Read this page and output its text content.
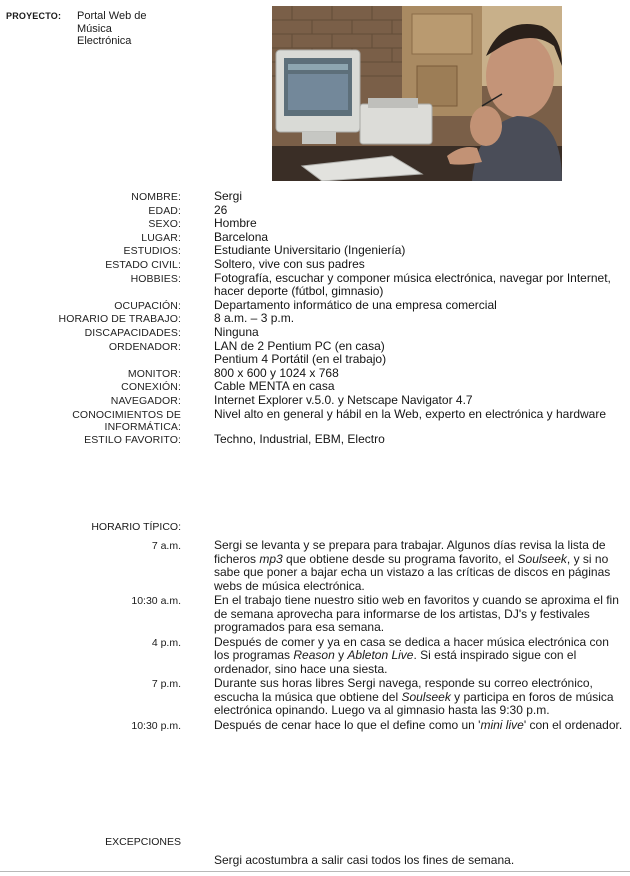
PROYECTO: Portal Web de
Música
Electrónica
NOMBRE:	Sergi
EDAD:	26
SEXO:	Hombre
LUGAR:	Barcelona
ESTUDIOS:	Estudiante Universitario (Ingeniería)
ESTADO CIVIL:	Soltero, vive con sus padres
HOBBIES:	Fotografía, escuchar y componer música electrónica, navegar por Internet, hacer deporte (fútbol, gimnasio)
OCUPACIÓN:	Departamento informático de una empresa comercial
HORARIO DE TRABAJO:	8 a.m. – 3 p.m.
DISCAPACIDADES:	Ninguna
ORDENADOR:	LAN de 2 Pentium PC (en casa)
Pentium 4 Portátil (en el trabajo)
MONITOR:	800 x 600 y 1024 x 768
CONEXIÓN:	Cable MENTA en casa
NAVEGADOR:	Internet Explorer v.5.0. y Netscape Navigator 4.7
CONOCIMIENTOS DE INFORMÁTICA:
Nivel alto en general y hábil en la Web, experto en electrónica y hardware
ESTILO FAVORITO:	Techno, Industrial, EBM, Electro
HORARIO TÍPICO:
7 a.m.	Sergi se levanta y se prepara para trabajar. Algunos días revisa la lista de ficheros mp3 que obtiene desde su programa favorito, el Soulseek, y si no sabe que poner a bajar echa un vistazo a las críticas de discos en páginas webs de música electrónica.
10:30 a.m.	En el trabajo tiene nuestro sitio web en favoritos y cuando se aproxima el fin de semana aprovecha para informarse de los artistas, DJ's y festivales programados para esa semana.
4 p.m.	Después de comer y ya en casa se dedica a hacer música electrónica con los programas Reason y Ableton Live. Si está inspirado sigue con el ordenador, sino hace una siesta.
7 p.m.	Durante sus horas libres Sergi navega, responde su correo electrónico, escucha la música que obtiene del Soulseek y participa en foros de música electrónica opinando. Luego va al gimnasio hasta las 9:30 p.m.
10:30 p.m.	Después de cenar hace lo que el define como un 'mini live' con el ordenador.
EXCEPCIONES
Sergi acostumbra a salir casi todos los fines de semana.
